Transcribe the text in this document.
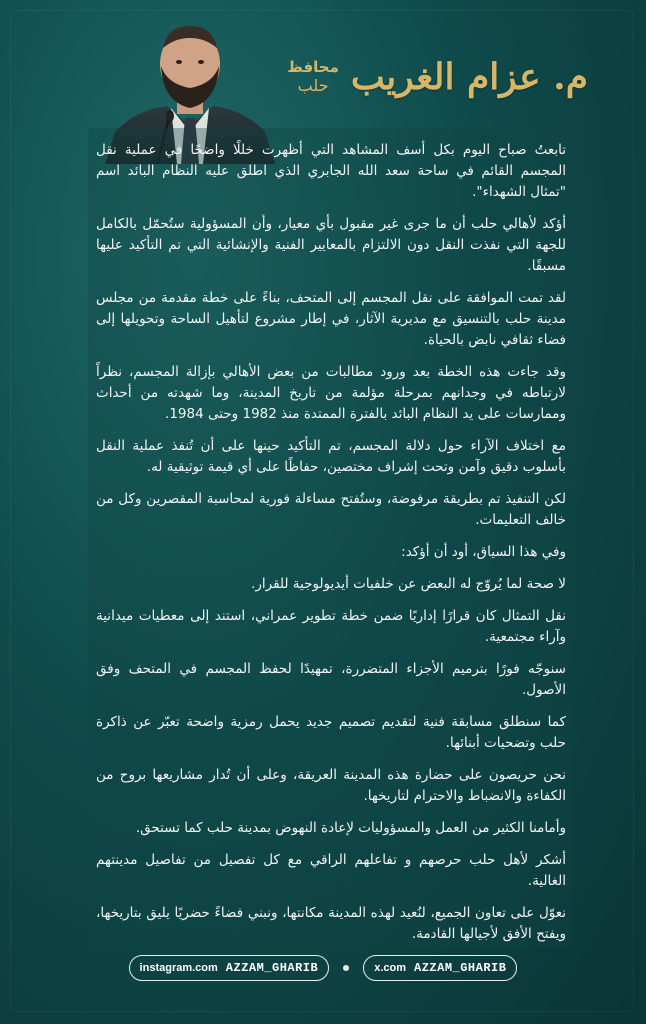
م. عزام الغريب
محافظ
حلب

تابعتُ صباح اليوم بكل أسف المشاهد التي أظهرت خللًا واضحًا في عملية نقل المجسم القائم في ساحة سعد الله الجابري الذي اطلق عليه النظام البائد اسم "تمثال الشهداء".

أؤكد لأهالي حلب أن ما جرى غير مقبول بأي معيار، وأن المسؤولية ستُحمّل بالكامل للجهة التي نفذت النقل دون الالتزام بالمعايير الفنية والإنشائية التي تم التأكيد عليها مسبقًا.

لقد تمت الموافقة على نقل المجسم إلى المتحف، بناءً على خطة مقدمة من مجلس مدينة حلب بالتنسيق مع مديرية الآثار، في إطار مشروع لتأهيل الساحة وتحويلها إلى فضاء ثقافي نابض بالحياة.

وقد جاءت هذه الخطة بعد ورود مطالبات من بعض الأهالي بإزالة المجسم، نظراً لارتباطه في وجدانهم بمرحلة مؤلمة من تاريخ المدينة، وما شهدته من أحداث وممارسات على يد النظام البائد بالفترة الممتدة منذ 1982 وحتى 1984.

مع اختلاف الآراء حول دلالة المجسم، تم التأكيد حينها على أن تُنفذ عملية النقل بأسلوب دقيق وآمن وتحت إشراف مختصين، حفاظًا على أي قيمة توثيقية له.

لكن التنفيذ تم بطريقة مرفوضة، وستُفتح مساءلة فورية لمحاسبة المقصرين وكل من خالف التعليمات.

وفي هذا السياق، أود أن أؤكد:

لا صحة لما يُروّج له البعض عن خلفيات أيديولوجية للقرار.

نقل التمثال كان قرارًا إداريًا ضمن خطة تطوير عمراني، استند إلى معطيات ميدانية وآراء مجتمعية.

سنوجّه فورًا بترميم الأجزاء المتضررة، تمهيدًا لحفظ المجسم في المتحف وفق الأصول.

كما سنطلق مسابقة فنية لتقديم تصميم جديد يحمل رمزية واضحة تعبّر عن ذاكرة حلب وتضحيات أبنائها.

نحن حريصون على حضارة هذه المدينة العريقة، وعلى أن تُدار مشاريعها بروح من الكفاءة والانضباط والاحترام لتاريخها.

وأمامنا الكثير من العمل والمسؤوليات لإعادة النهوض بمدينة حلب كما تستحق.

أشكر لأهل حلب حرصهم و تفاعلهم الراقي مع كل تفصيل من تفاصيل مدينتهم الغالية.

نعوّل على تعاون الجميع، لنُعيد لهذه المدينة مكانتها، ونبني فضاءً حضريًا يليق بتاريخها، ويفتح الأفق لأجيالها القادمة.

instagram.com AZZAM_GHARIB	x.com AZZAM_GHARIB
